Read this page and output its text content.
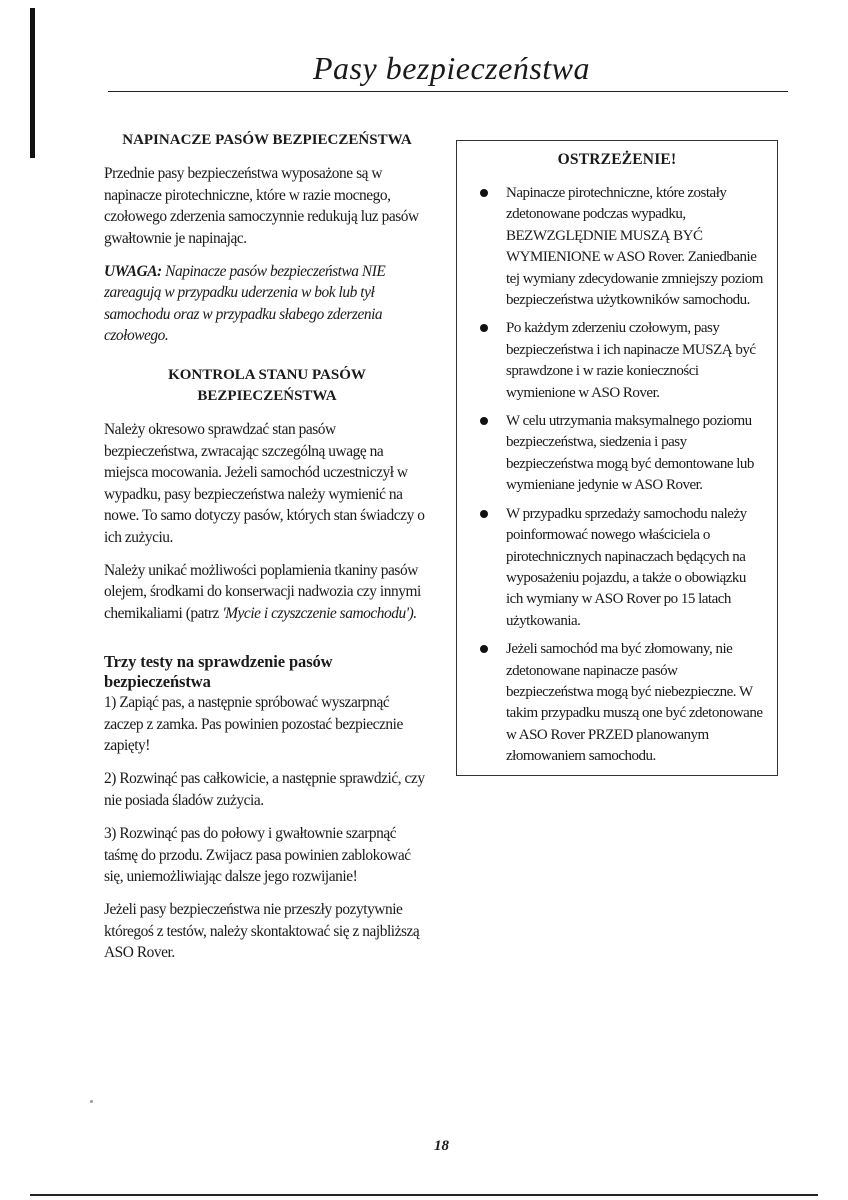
Pasy bezpieczeństwa

NAPINACZE PASÓW BEZPIECZEŃSTWA

Przednie pasy bezpieczeństwa wyposażone są w napinacze pirotechniczne, które w razie mocnego, czołowego zderzenia samoczynnie redukują luz pasów gwałtownie je napinając.

UWAGA: Napinacze pasów bezpieczeństwa NIE zareagują w przypadku uderzenia w bok lub tył samochodu oraz w przypadku słabego zderzenia czołowego.

KONTROLA STANU PASÓW BEZPIECZEŃSTWA

Należy okresowo sprawdzać stan pasów bezpieczeństwa, zwracając szczególną uwagę na miejsca mocowania. Jeżeli samochód uczestniczył w wypadku, pasy bezpieczeństwa należy wymienić na nowe. To samo dotyczy pasów, których stan świadczy o ich zużyciu.

Należy unikać możliwości poplamienia tkaniny pasów olejem, środkami do konserwacji nadwozia czy innymi chemikaliami (patrz 'Mycie i czyszczenie samochodu').

Trzy testy na sprawdzenie pasów bezpieczeństwa

1) Zapiąć pas, a następnie spróbować wyszarpnąć zaczep z zamka. Pas powinien pozostać bezpiecznie zapięty!

2) Rozwinąć pas całkowicie, a następnie sprawdzić, czy nie posiada śladów zużycia.

3) Rozwinąć pas do połowy i gwałtownie szarpnąć taśmę do przodu. Zwijacz pasa powinien zablokować się, uniemożliwiając dalsze jego rozwijanie!

Jeżeli pasy bezpieczeństwa nie przeszły pozytywnie któregoś z testów, należy skontaktować się z najbliższą ASO Rover.

OSTRZEŻENIE!
Napinacze pirotechniczne, które zostały zdetonowane podczas wypadku, BEZWZGLĘDNIE MUSZĄ BYĆ WYMIENIONE w ASO Rover. Zaniedbanie tej wymiany zdecydowanie zmniejszy poziom bezpieczeństwa użytkowników samochodu.
Po każdym zderzeniu czołowym, pasy bezpieczeństwa i ich napinacze MUSZĄ być sprawdzone i w razie konieczności wymienione w ASO Rover.
W celu utrzymania maksymalnego poziomu bezpieczeństwa, siedzenia i pasy bezpieczeństwa mogą być demontowane lub wymieniane jedynie w ASO Rover.
W przypadku sprzedaży samochodu należy poinformować nowego właściciela o pirotechnicznych napinaczach będących na wyposażeniu pojazdu, a także o obowiązku ich wymiany w ASO Rover po 15 latach użytkowania.
Jeżeli samochód ma być złomowany, nie zdetonowane napinacze pasów bezpieczeństwa mogą być niebezpieczne. W takim przypadku muszą one być zdetonowane w ASO Rover PRZED planowanym złomowaniem samochodu.
18
